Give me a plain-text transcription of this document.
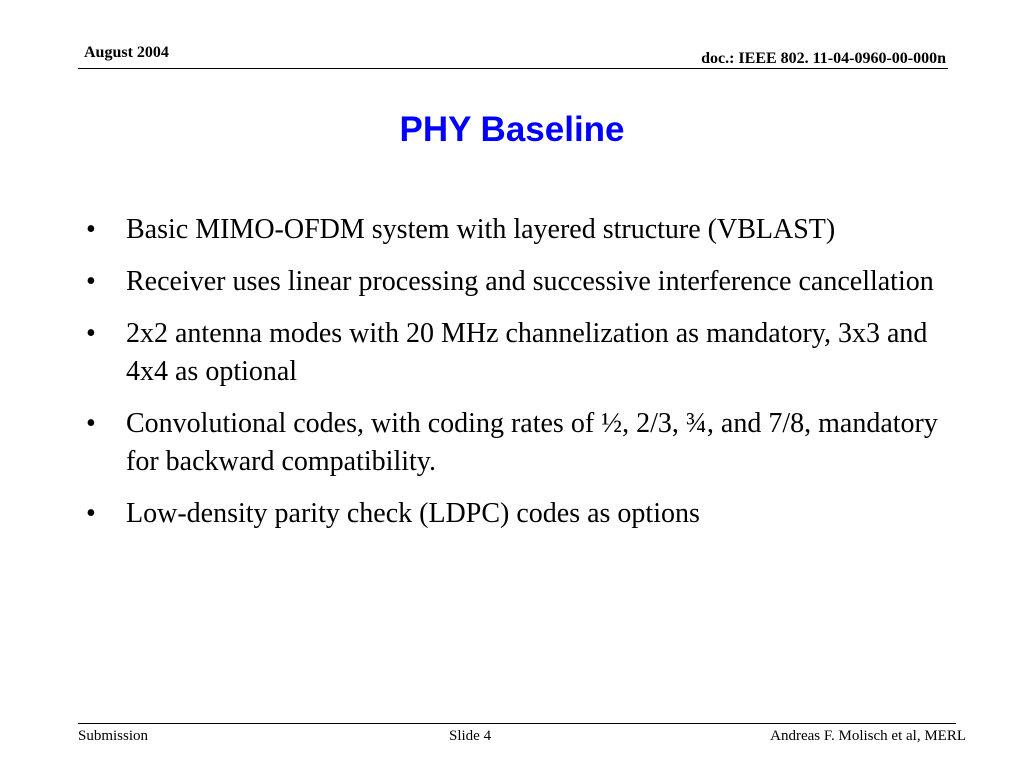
August 2004	doc.: IEEE 802. 11-04-0960-00-000n
PHY Baseline
• Basic MIMO-OFDM system with layered structure (VBLAST)
• Receiver uses linear processing and successive interference cancellation
• 2x2 antenna modes with 20 MHz channelization as mandatory, 3x3 and 4x4 as optional
• Convolutional codes, with coding rates of ½, 2/3, ¾, and 7/8, mandatory for backward compatibility.
• Low-density parity check (LDPC) codes as options
Submission	Slide 4	Andreas F. Molisch et al, MERL
